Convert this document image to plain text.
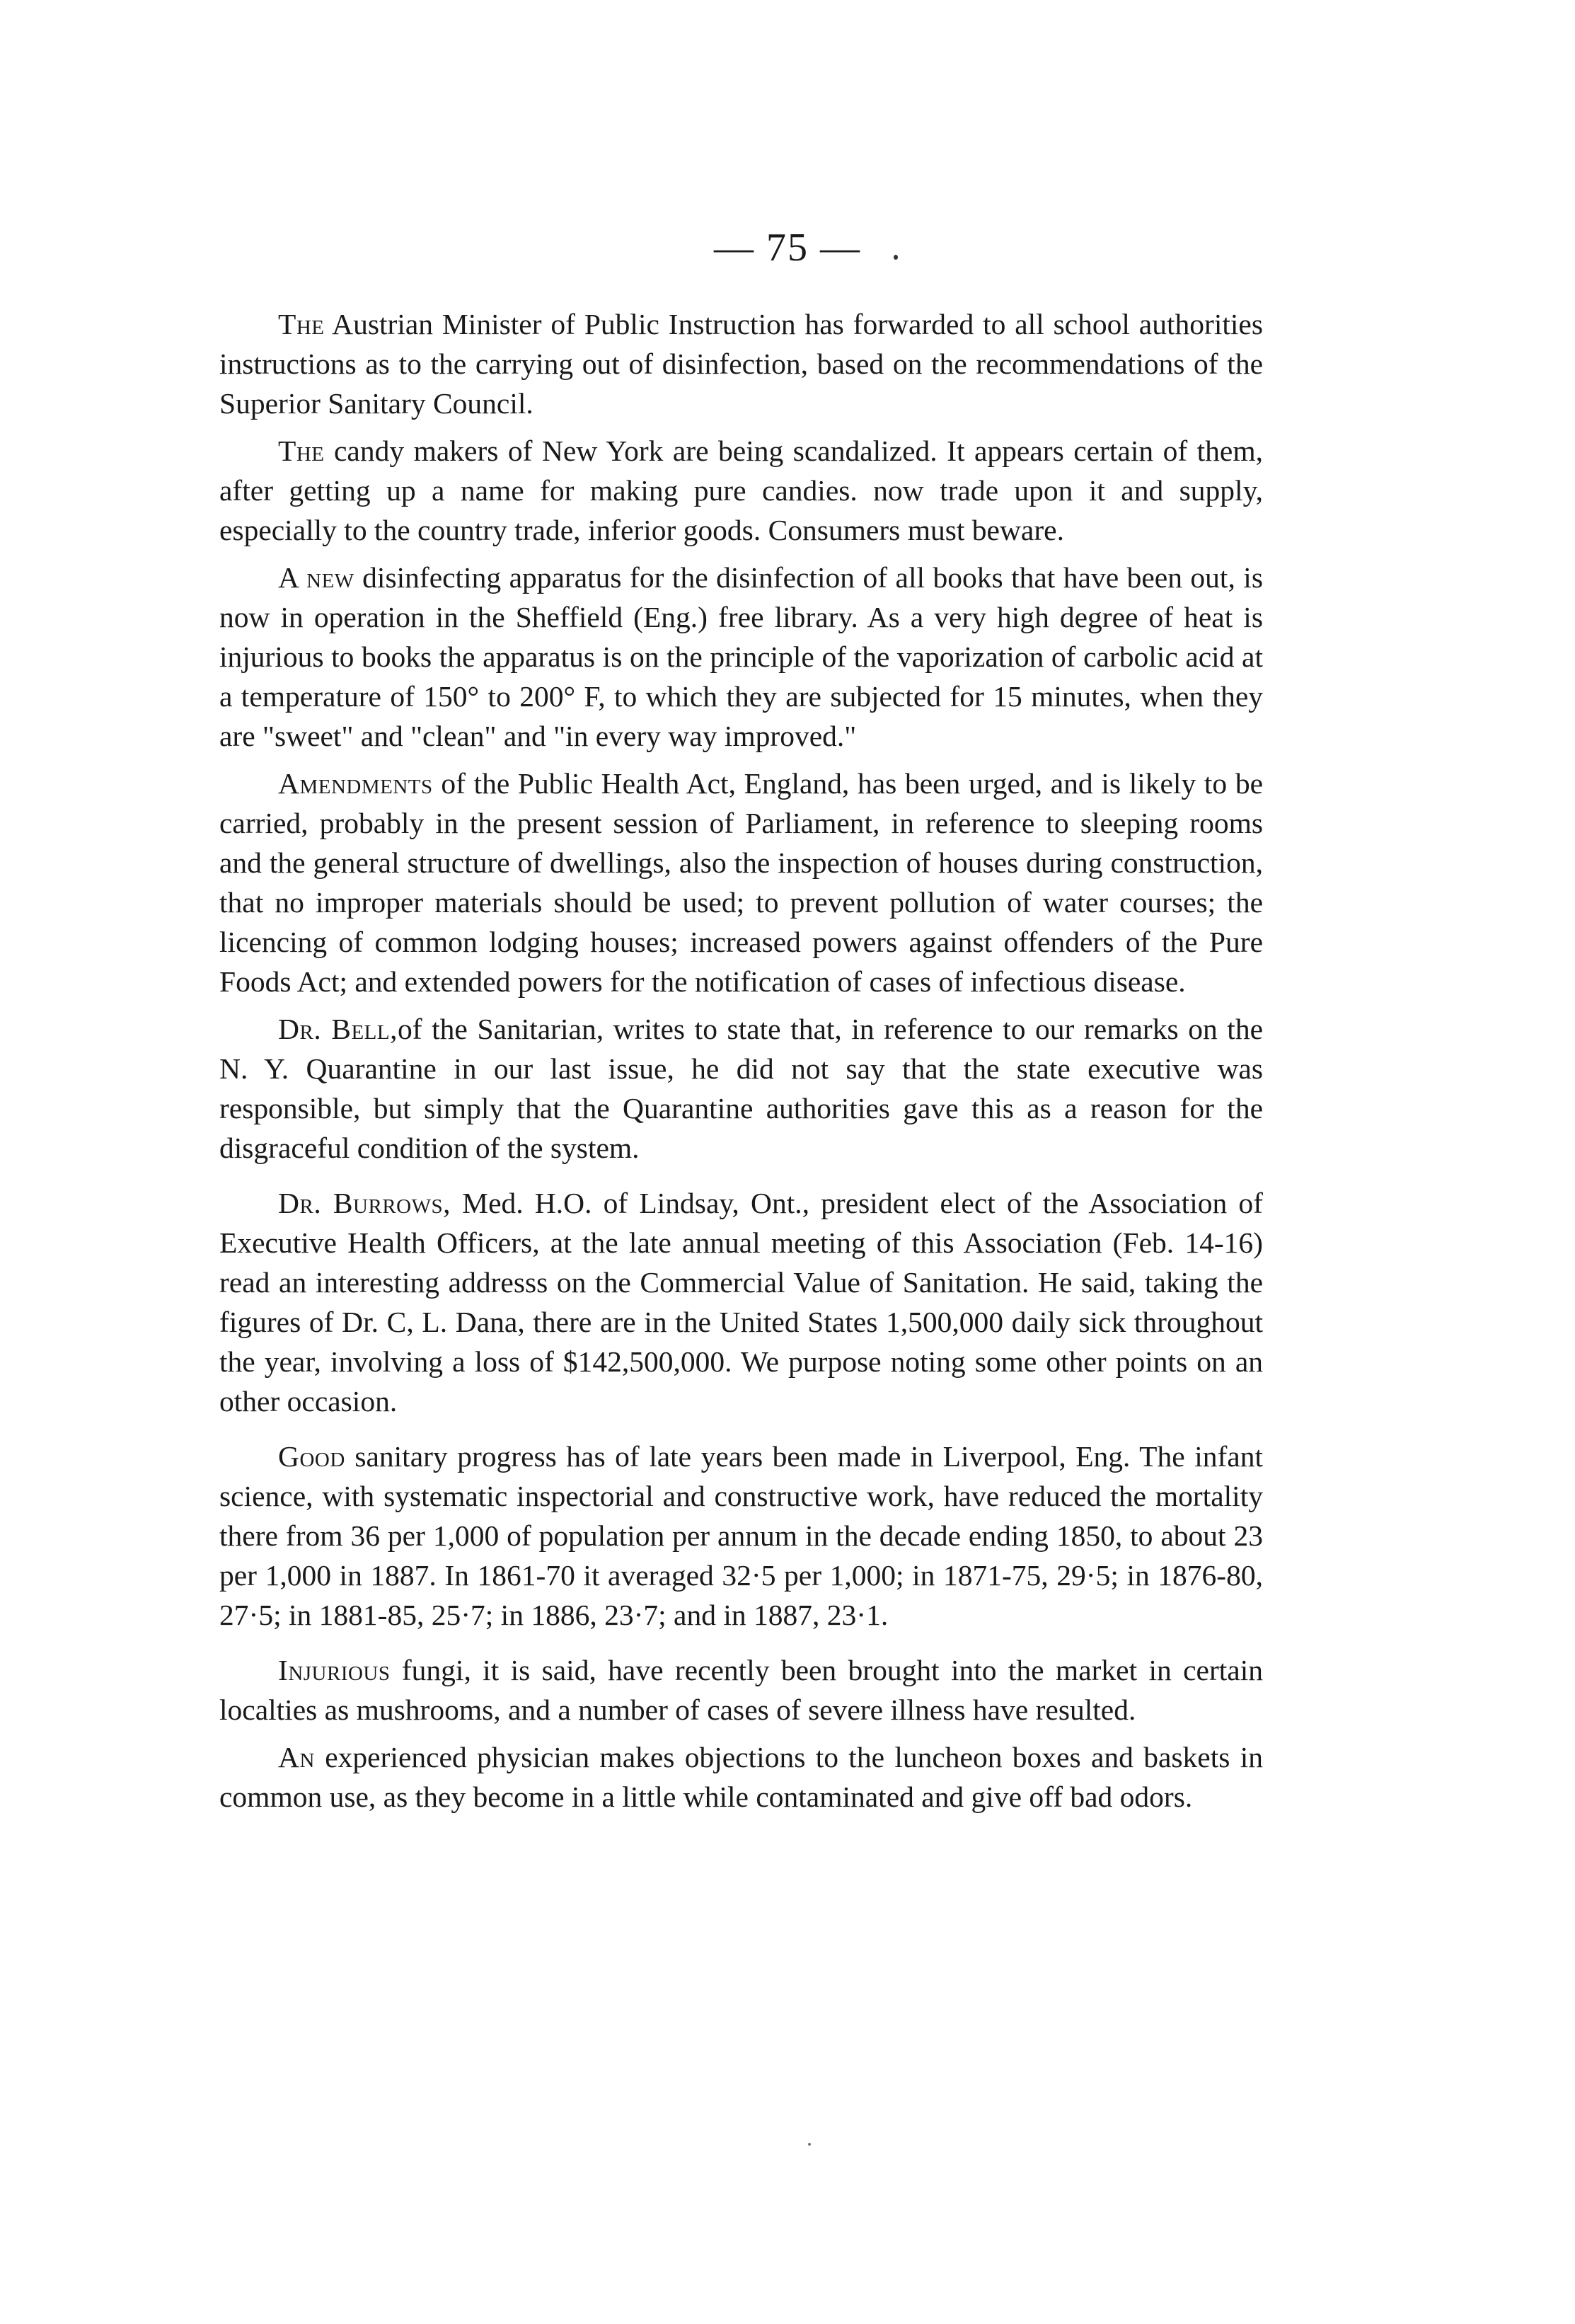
— 75 —

The Austrian Minister of Public Instruction has forwarded to all school authorities instructions as to the carrying out of disinfection, based on the recommendations of the Superior Sanitary Council.

The candy makers of New York are being scandalized. It appears certain of them, after getting up a name for making pure candies. now trade upon it and supply, especially to the country trade, inferior goods. Consumers must beware.

A new disinfecting apparatus for the disinfection of all books that have been out, is now in operation in the Sheffield (Eng.) free library. As a very high degree of heat is injurious to books the apparatus is on the principle of the vaporization of carbolic acid at a temperature of 150° to 200° F, to which they are subjected for 15 minutes, when they are "sweet" and "clean" and "in every way improved."

Amendments of the Public Health Act, England, has been urged, and is likely to be carried, probably in the present session of Parliament, in reference to sleeping rooms and the general structure of dwellings, also the inspection of houses during construction, that no improper materials should be used; to prevent pollution of water courses; the licencing of common lodging houses; increased powers against offenders of the Pure Foods Act; and extended powers for the notification of cases of infectious disease.

Dr. Bell,of the Sanitarian, writes to state that, in reference to our remarks on the N. Y. Quarantine in our last issue, he did not say that the state executive was responsible, but simply that the Quarantine authorities gave this as a reason for the disgraceful condition of the system.

Dr. Burrows, Med. H.O. of Lindsay, Ont., president elect of the Association of Executive Health Officers, at the late annual meeting of this Association (Feb. 14-16) read an interesting addresss on the Commercial Value of Sanitation. He said, taking the figures of Dr. C, L. Dana, there are in the United States 1,500,000 daily sick throughout the year, involving a loss of $142,500,000. We purpose noting some other points on an other occasion.

Good sanitary progress has of late years been made in Liverpool, Eng. The infant science, with systematic inspectorial and constructive work, have reduced the mortality there from 36 per 1,000 of population per annum in the decade ending 1850, to about 23 per 1,000 in 1887. In 1861-70 it averaged 32·5 per 1,000; in 1871-75, 29·5; in 1876-80, 27·5; in 1881-85, 25·7; in 1886, 23·7; and in 1887, 23·1.

Injurious fungi, it is said, have recently been brought into the market in certain localties as mushrooms, and a number of cases of severe illness have resulted.

An experienced physician makes objections to the luncheon boxes and baskets in common use, as they become in a little while contaminated and give off bad odors.
